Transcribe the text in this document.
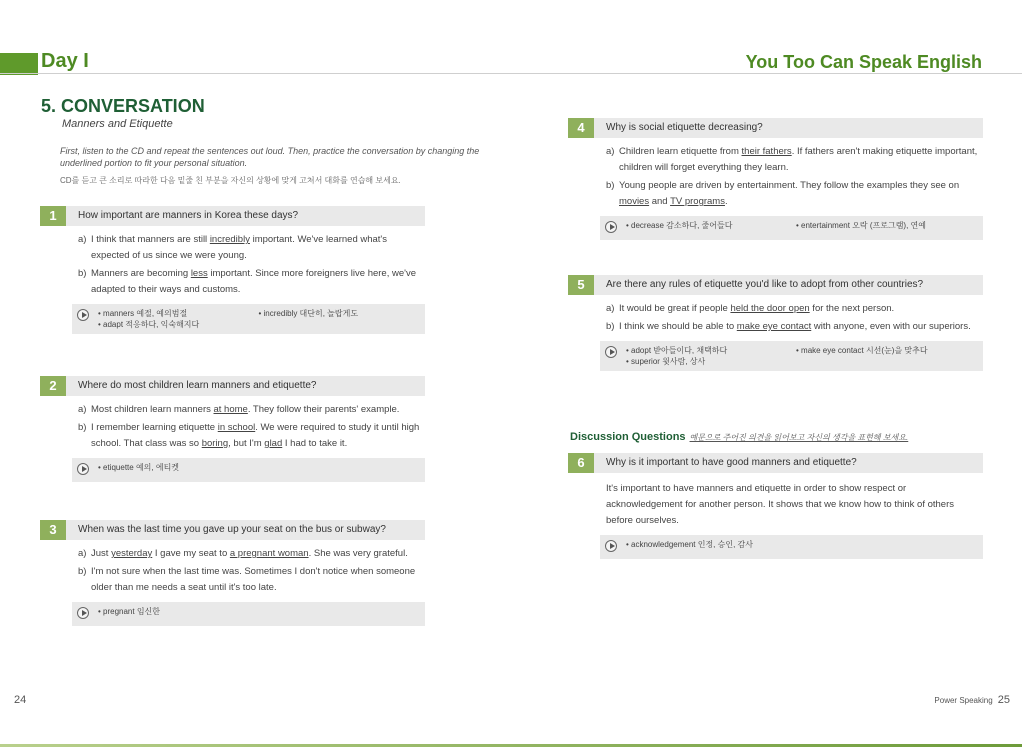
Day I	You Too Can Speak English
5. CONVERSATION
Manners and Etiquette
First, listen to the CD and repeat the sentences out loud. Then, practice the conversation by changing the underlined portion to fit your personal situation.
CD를 듣고 큰 소리로 따라한 다음 밑줄 친 부분을 자신의 상황에 맞게 고쳐서 대화를 연습해 보세요.
1	How important are manners in Korea these days?
a) I think that manners are still incredibly important. We've learned what's expected of us since we were young.
b) Manners are becoming less important. Since more foreigners live here, we've adapted to their ways and customs.
• manners 예절, 예의범절	• incredibly 대단히, 놀랍게도
• adapt 적응하다, 익숙해지다
2	Where do most children learn manners and etiquette?
a) Most children learn manners at home. They follow their parents' example.
b) I remember learning etiquette in school. We were required to study it until high school. That class was so boring, but I'm glad I had to take it.
• etiquette 예의, 에티켓
3	When was the last time you gave up your seat on the bus or subway?
a) Just yesterday I gave my seat to a pregnant woman. She was very grateful.
b) I'm not sure when the last time was. Sometimes I don't notice when someone older than me needs a seat until it's too late.
• pregnant 임신한
4	Why is social etiquette decreasing?
a) Children learn etiquette from their fathers. If fathers aren't making etiquette important, children will forget everything they learn.
b) Young people are driven by entertainment. They follow the examples they see on movies and TV programs.
• decrease 감소하다, 줄어들다	• entertainment 오락 (프로그램), 연예
5	Are there any rules of etiquette you'd like to adopt from other countries?
a) It would be great if people held the door open for the next person.
b) I think we should be able to make eye contact with anyone, even with our superiors.
• adopt 받아들이다, 채택하다	• make eye contact 시선(눈)을 맞추다
• superior 윗사람, 상사
Discussion Questions 예문으로 주어진 의견을 읽어보고 자신의 생각을 표현해 보세요.
6	Why is it important to have good manners and etiquette?
It's important to have manners and etiquette in order to show respect or acknowledgement for another person. It shows that we know how to think of others before ourselves.
• acknowledgement 인정, 승인, 감사
24	Power Speaking 25
